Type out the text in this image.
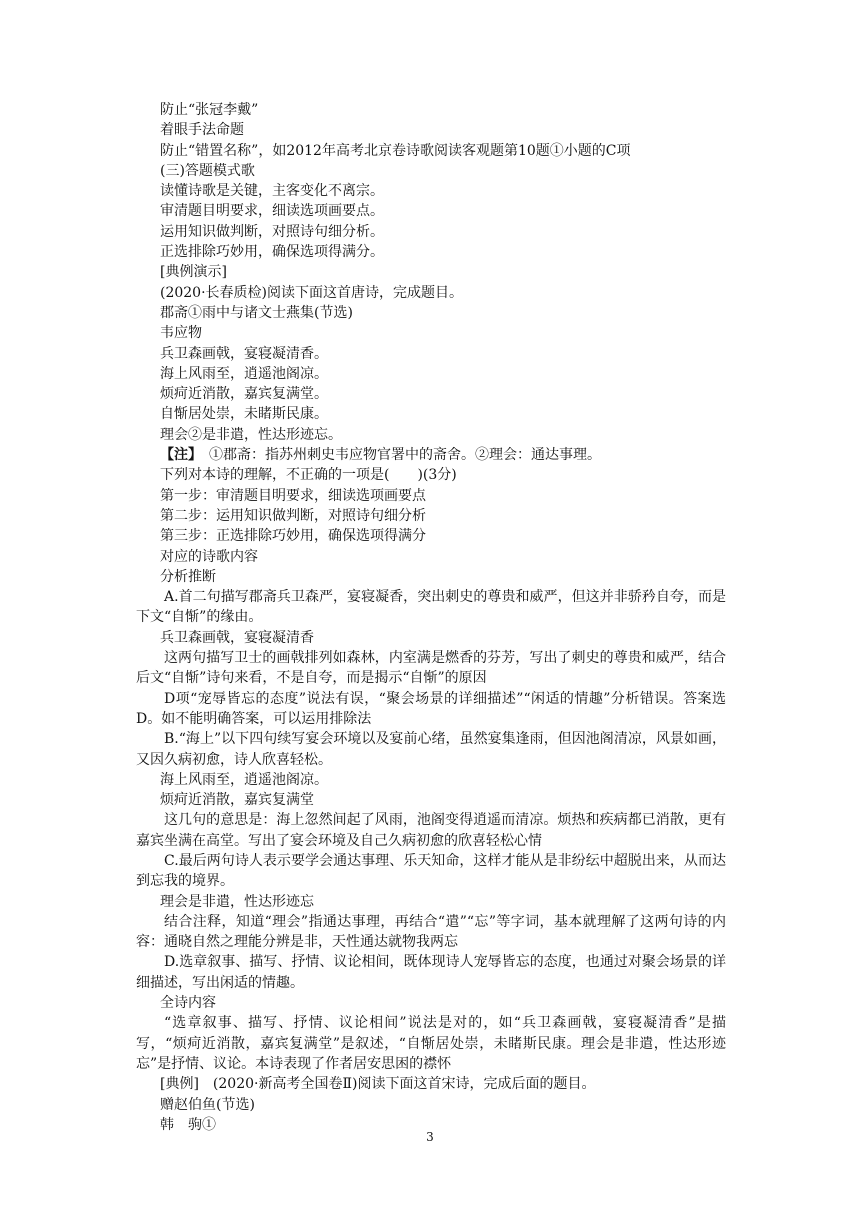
防止“张冠李戴”
着眼手法命题
防止“错置名称”，如2012年高考北京卷诗歌阅读客观题第10题①小题的C项
(三)答题模式歌
读懂诗歌是关键，主客变化不离宗。
审清题目明要求，细读选项画要点。
运用知识做判断，对照诗句细分析。
正选排除巧妙用，确保选项得满分。
[典例演示]
(2020·长春质检)阅读下面这首唐诗，完成题目。
郡斋①雨中与诸文士燕集(节选)
韦应物
兵卫森画戟，宴寝凝清香。
海上风雨至，逍遥池阁凉。
烦疴近消散，嘉宾复满堂。
自惭居处崇，未睹斯民康。
理会②是非遣，性达形迹忘。
【注】　 ①郡斋：指苏州刺史韦应物官署中的斋舍。②理会：通达事理。
下列对本诗的理解，不正确的一项是(　　)(3分)
第一步：审清题目明要求，细读选项画要点
第二步：运用知识做判断，对照诗句细分析
第三步：正选排除巧妙用，确保选项得满分
对应的诗歌内容
分析推断
A.首二句描写郡斋兵卫森严，宴寝凝香，突出刺史的尊贵和威严，但这并非骄矜自夸，而是下文“自惭”的缘由。
兵卫森画戟，宴寝凝清香
这两句描写卫士的画戟排列如森林，内室满是燃香的芬芳，写出了刺史的尊贵和威严，结合后文“自惭”诗句来看，不是自夸，而是揭示“自惭”的原因
D项“宠辱皆忘的态度”说法有误，“聚会场景的详细描述”“闲适的情趣”分析错误。答案选D。如不能明确答案，可以运用排除法
B.“海上”以下四句续写宴会环境以及宴前心绪，虽然宴集逢雨，但因池阁清凉，风景如画，又因久病初愈，诗人欣喜轻松。
海上风雨至，逍遥池阁凉。
烦疴近消散，嘉宾复满堂
这几句的意思是：海上忽然间起了风雨，池阁变得逍遥而清凉。烦热和疾病都已消散，更有嘉宾坐满在高堂。写出了宴会环境及自己久病初愈的欣喜轻松心情
C.最后两句诗人表示要学会通达事理、乐天知命，这样才能从是非纷纭中超脱出来，从而达到忘我的境界。
理会是非遣，性达形迹忘
结合注释，知道“理会”指通达事理，再结合“遣”“忘”等字词，基本就理解了这两句诗的内容：通晓自然之理能分辨是非，天性通达就物我两忘
D.选章叙事、描写、抒情、议论相间，既体现诗人宠辱皆忘的态度，也通过对聚会场景的详细描述，写出闲适的情趣。
全诗内容
“选章叙事、描写、抒情、议论相间”说法是对的，如“兵卫森画戟，宴寝凝清香”是描写，“烦疴近消散，嘉宾复满堂”是叙述，“自惭居处崇，未睹斯民康。理会是非遣，性达形迹忘”是抒情、议论。本诗表现了作者居安思困的襟怀
[典例]　(2020·新高考全国卷Ⅱ)阅读下面这首宋诗，完成后面的题目。
赠赵伯鱼(节选)
韩　驹①
3
